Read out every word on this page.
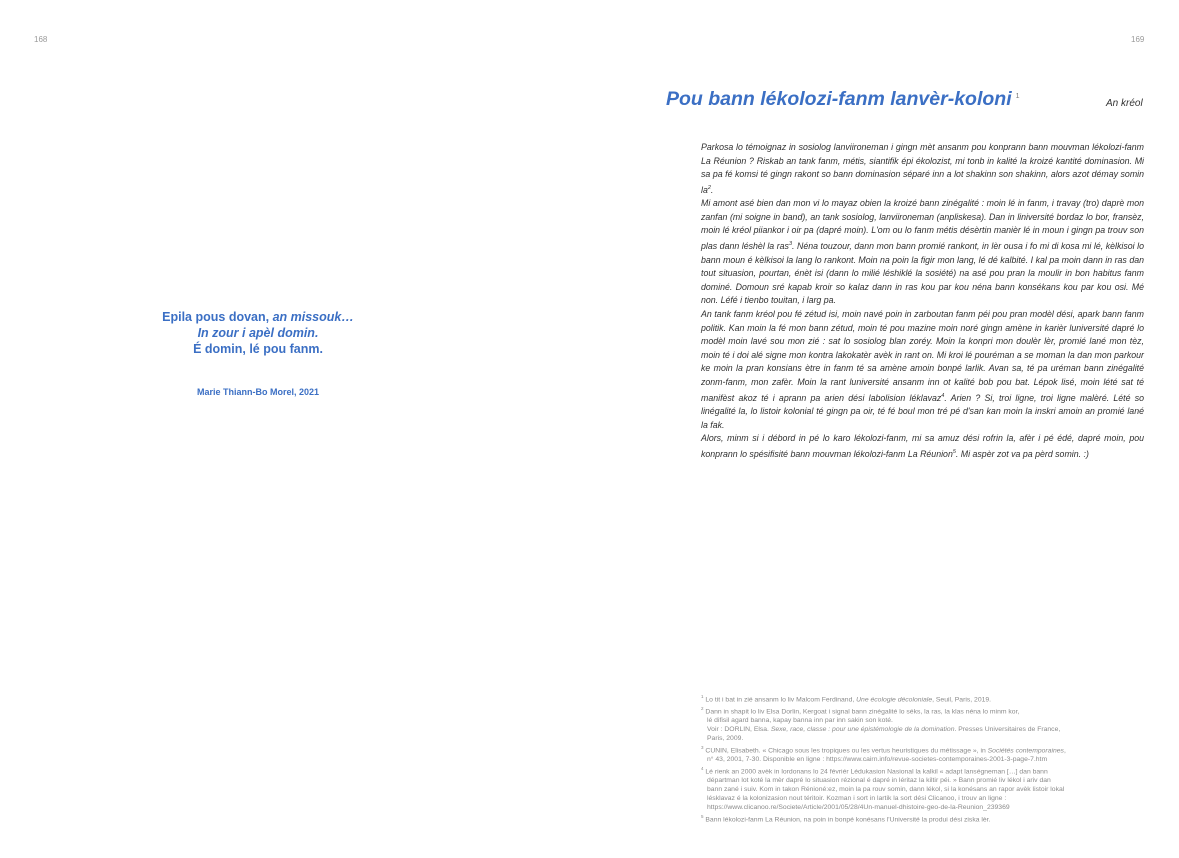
168	169
Epila pous dovan, an missouk…
In zour i apèl domin.
É domin, lé pou fanm.
Marie Thiann-Bo Morel, 2021
Pou bann lékolozi-fanm lanvèr-koloni $^1$
An kréol

Parkosa lo témoignaz in sosiolog lanviironeman i gingn mèt ansanm pou konprann bann mouvman lékolozi-fanm La Réunion ? Riskab an tank fanm, métis, siantifik épi ékolozist, mi tonb in kalité la kroizé kantité dominasion. Mi sa pa fé komsi té gingn rakont so bann dominasion séparé inn a lot shakinn son shakinn, alors azot démay somin $la^2$.

Mi amont asé bien dan mon vi lo mayaz obien la kroizé bann zinégalité : moin lé in fanm, i travay (tro) daprè mon zanfan (mi soigne in band), an tank sosiolog, lanviironeman (anpliskesa). Dan in liniversité bordaz lo bor, fransèz, moin lé kréol piiankor i oir pa (dapré moin). L'om ou lo fanm métis désèrtin manièr lé in moun i gingn pa trouv son plas dann léshèl la ras$^3$. Néna touzour, dann mon bann promié rankont, in lèr ousa i fo mi di kosa mi lé, kèlkisoi lo bann moun é kèlkisoi la lang lo rankont. Moin na poin la figir mon lang, lé dé kalbité. I kal pa moin dann in ras dan tout situasion, pourtan, énèt isi (dann lo milié léshiklé la sosiété) na asé pou pran la moulir in bon habitus fanm dominé. Domoun sré kapab kroir so kalaz dann in ras kou par kou néna bann konsékans kou par kou osi. Mé non. Léfé i tienbo touitan, i larg pa.

An tank fanm kréol pou fé zétud isi, moin navé poin in zarboutan fanm péi pou pran modèl dési, apark bann fanm politik. Kan moin la fé mon bann zétud, moin té pou mazine moin noré gingn amène in karièr luniversité dapré lo modèl moin lavé sou mon zié : sat lo sosiolog blan zoréy. Moin la konpri mon doulèr lèr, promié lané mon tèz, moin té i doi alé signe mon kontra lakokatèr avèk in rant on. Mi kroi lé pouréman a se moman la dan mon parkour ke moin la pran konsians ètre in fanm té sa amène amoin bonpé larlik. Avan sa, té pa uréman bann zinégalité zonm-fanm, mon zafèr. Moin la rant luniversité ansanm inn ot kalité bob pou bat. Lépok lisé, moin lété sat té manifèst akoz té i aprann pa arien dési labolision léklavaz$^4$. Arien ? Si, troi ligne, troi ligne malèré. Lété so linégalité la, lo listoir kolonial té gingn pa oir, té fé boul mon tré pé d'san kan moin la inskri amoin an promié lané la fak.

Alors, minm si i débord in pé lo karo lékolozi-fanm, mi sa amuz dési rofrin la, afèr i pé édé, dapré moin, pou konprann lo spésifisité bann mouvman lékolozi-fanm La Réunion$^5$. Mi aspèr zot va pa pèrd somin. :)

$^1$ Lo tit i bat in zié ansanm lo liv Malcom Ferdinand, Une écologie décoloniale, Seuil, Paris, 2019.

$^2$ Dann in shapit lo liv Elsa Dorlin, Kergoat i signal bann zinégalité lo séks, la ras, la klas néna lo minm kor,
lé difisil agard banna, kapay banna inn par inn sakin son koté.
Voir : DORLIN, Elsa. Sexe, race, classe : pour une épistémologie de la domination. Presses Universitaires de France,
Paris, 2009.

$^3$ CUNIN, Elisabeth. « Chicago sous les tropiques ou les vertus heuristiques du métissage », in Sociétés contemporaines,
n° 43, 2001, 7-30. Disponible en ligne : https://www.cairn.info/revue-societes-contemporaines-2001-3-page-7.htm

$^4$ Lé rienk an 2000 avèk in lordonans lo 24 févriér Lédukasion Nasional la kalkil « adapt lanségneman […] dan bann
départman lot koté la mèr dapré lo situasion rézional é dapré in léritaz la kiltir péi. » Bann promié liv lékol i ariv dan
bann zané i suiv. Kom in takon Rénioné:ez, moin la pa rouv somin, dann lékol, si la konésans an rapor avèk listoir lokal
lésklavaz é la kolonizasion nout téritoir. Kozman i sort in lartik la sort dési Clicanoo, i trouv an ligne :
https://www.clicanoo.re/Societe/Article/2001/05/28/4Un-manuel-dhistoire-geo-de-la-Reunion_239369

$^5$ Bann lékolozi-fanm La Réunion, na poin in bonpé konésans l'Université la produi dési ziska lèr.
